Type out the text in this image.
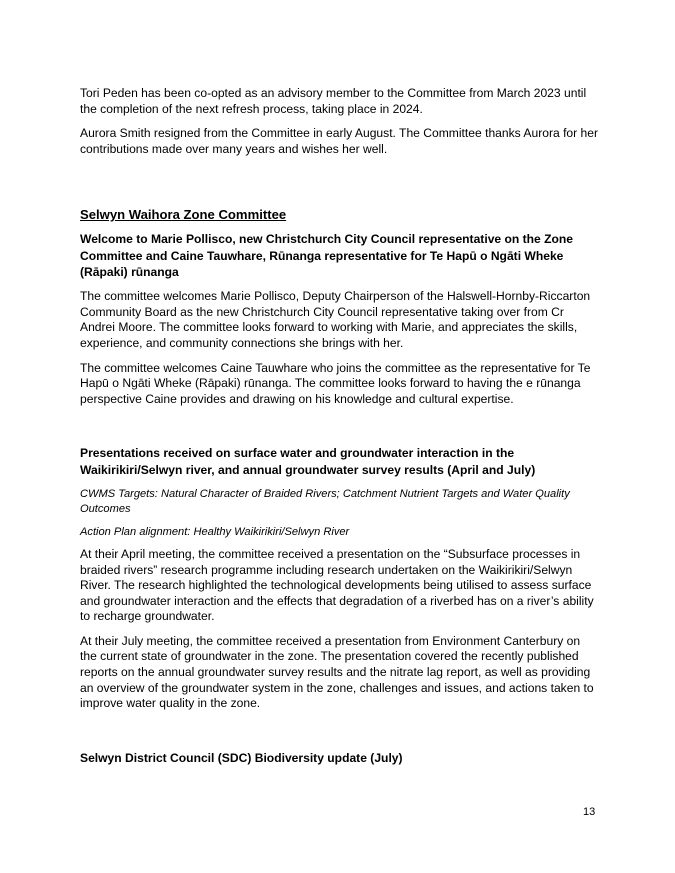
Tori Peden has been co-opted as an advisory member to the Committee from March 2023 until the completion of the next refresh process, taking place in 2024.

Aurora Smith resigned from the Committee in early August. The Committee thanks Aurora for her contributions made over many years and wishes her well.

Selwyn Waihora Zone Committee

Welcome to Marie Pollisco, new Christchurch City Council representative on the Zone Committee and Caine Tauwhare, Rūnanga representative for Te Hapū o Ngāti Wheke (Rāpaki) rūnanga

The committee welcomes Marie Pollisco, Deputy Chairperson of the Halswell-Hornby-Riccarton Community Board as the new Christchurch City Council representative taking over from Cr Andrei Moore. The committee looks forward to working with Marie, and appreciates the skills, experience, and community connections she brings with her.

The committee welcomes Caine Tauwhare who joins the committee as the representative for Te Hapū o Ngāti Wheke (Rāpaki) rūnanga. The committee looks forward to having the e rūnanga perspective Caine provides and drawing on his knowledge and cultural expertise.

Presentations received on surface water and groundwater interaction in the Waikirikiri/Selwyn river, and annual groundwater survey results (April and July)

CWMS Targets: Natural Character of Braided Rivers; Catchment Nutrient Targets and Water Quality Outcomes

Action Plan alignment: Healthy Waikirikiri/Selwyn River

At their April meeting, the committee received a presentation on the “Subsurface processes in braided rivers” research programme including research undertaken on the Waikirikiri/Selwyn River. The research highlighted the technological developments being utilised to assess surface and groundwater interaction and the effects that degradation of a riverbed has on a river’s ability to recharge groundwater.

At their July meeting, the committee received a presentation from Environment Canterbury on the current state of groundwater in the zone. The presentation covered the recently published reports on the annual groundwater survey results and the nitrate lag report, as well as providing an overview of the groundwater system in the zone, challenges and issues, and actions taken to improve water quality in the zone.

Selwyn District Council (SDC) Biodiversity update (July)

13
